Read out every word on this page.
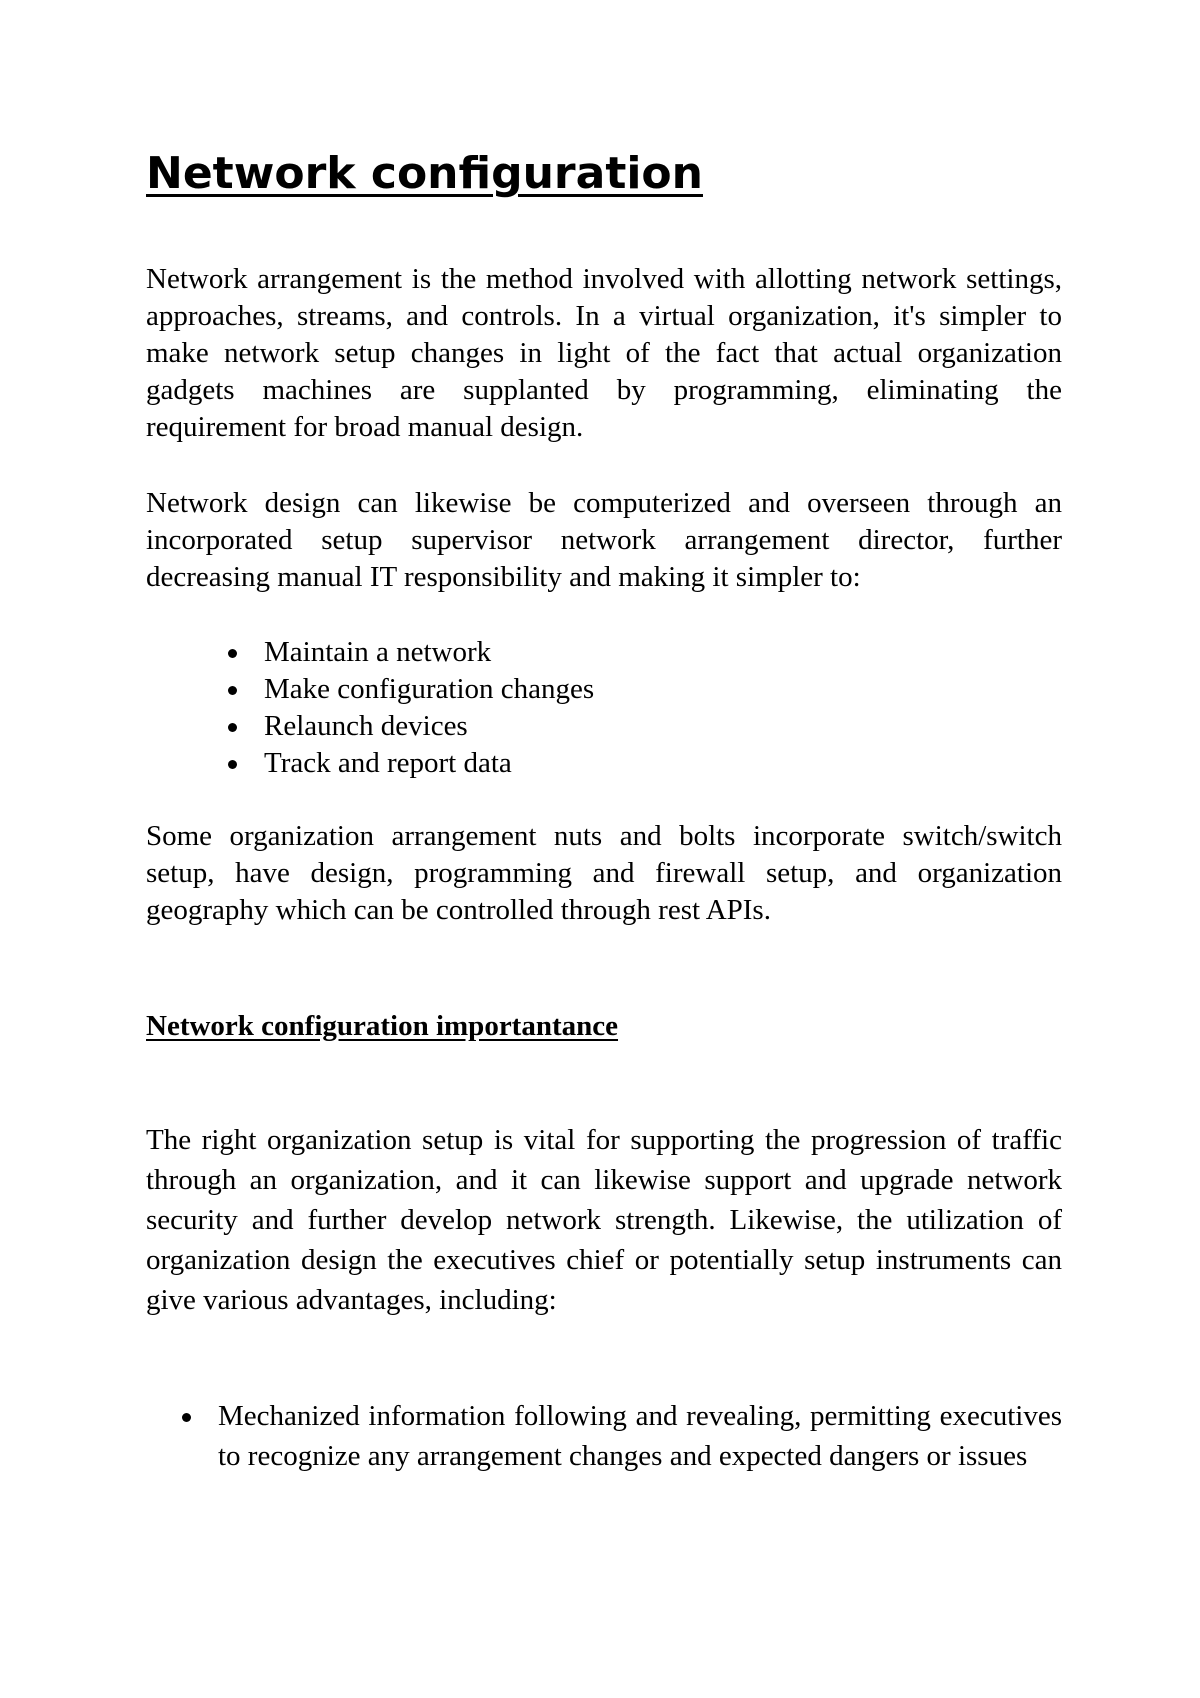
Network configuration

Network arrangement is the method involved with allotting network settings, approaches, streams, and controls. In a virtual organization, it's simpler to make network setup changes in light of the fact that actual organization gadgets machines are supplanted by programming, eliminating the requirement for broad manual design.

Network design can likewise be computerized and overseen through an incorporated setup supervisor network arrangement director, further decreasing manual IT responsibility and making it simpler to:

Maintain a network
Make configuration changes
Relaunch devices
Track and report data

Some organization arrangement nuts and bolts incorporate switch/switch setup, have design, programming and firewall setup, and organization geography which can be controlled through rest APIs.

Network configuration importantance

The right organization setup is vital for supporting the progression of traffic through an organization, and it can likewise support and upgrade network security and further develop network strength. Likewise, the utilization of organization design the executives chief or potentially setup instruments can give various advantages, including:

Mechanized information following and revealing, permitting executives to recognize any arrangement changes and expected dangers or issues
